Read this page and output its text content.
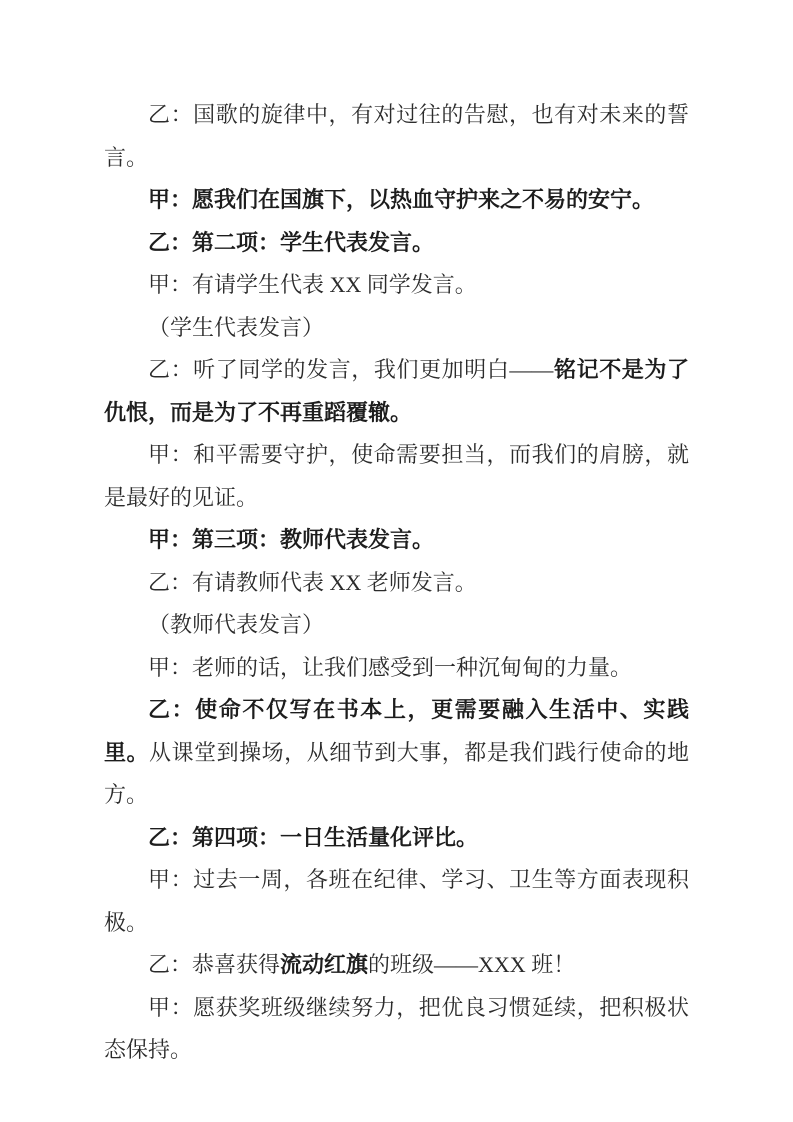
乙：国歌的旋律中，有对过往的告慰，也有对未来的誓言。

甲：愿我们在国旗下，以热血守护来之不易的安宁。

乙：第二项：学生代表发言。

甲：有请学生代表 XX 同学发言。

（学生代表发言）

乙：听了同学的发言，我们更加明白——铭记不是为了仇恨，而是为了不再重蹈覆辙。

甲：和平需要守护，使命需要担当，而我们的肩膀，就是最好的见证。

甲：第三项：教师代表发言。

乙：有请教师代表 XX 老师发言。

（教师代表发言）

甲：老师的话，让我们感受到一种沉甸甸的力量。

乙：使命不仅写在书本上，更需要融入生活中、实践里。从课堂到操场，从细节到大事，都是我们践行使命的地方。

乙：第四项：一日生活量化评比。

甲：过去一周，各班在纪律、学习、卫生等方面表现积极。

乙：恭喜获得流动红旗的班级——XXX 班！

甲：愿获奖班级继续努力，把优良习惯延续，把积极状态保持。
